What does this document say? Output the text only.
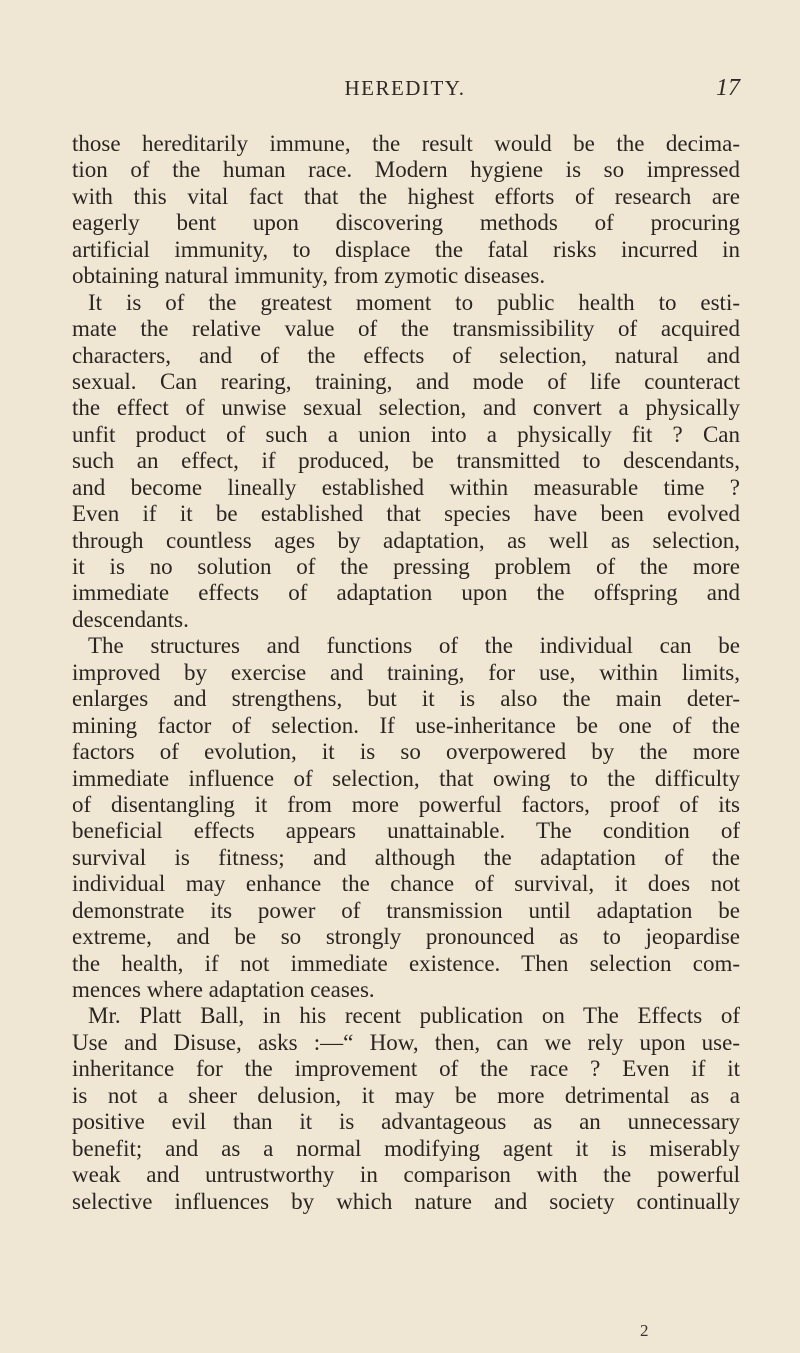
HEREDITY.	17
those hereditarily immune, the result would be the decima-
tion of the human race. Modern hygiene is so impressed
with this vital fact that the highest efforts of research are
eagerly bent upon discovering methods of procuring
artificial immunity, to displace the fatal risks incurred in
obtaining natural immunity, from zymotic diseases.
It is of the greatest moment to public health to esti-
mate the relative value of the transmissibility of acquired
characters, and of the effects of selection, natural and
sexual. Can rearing, training, and mode of life counteract
the effect of unwise sexual selection, and convert a physically
unfit product of such a union into a physically fit ? Can
such an effect, if produced, be transmitted to descendants,
and become lineally established within measurable time ?
Even if it be established that species have been evolved
through countless ages by adaptation, as well as selection,
it is no solution of the pressing problem of the more
immediate effects of adaptation upon the offspring and
descendants.
The structures and functions of the individual can be
improved by exercise and training, for use, within limits,
enlarges and strengthens, but it is also the main deter-
mining factor of selection. If use-inheritance be one of the
factors of evolution, it is so overpowered by the more
immediate influence of selection, that owing to the difficulty
of disentangling it from more powerful factors, proof of its
beneficial effects appears unattainable. The condition of
survival is fitness; and although the adaptation of the
individual may enhance the chance of survival, it does not
demonstrate its power of transmission until adaptation be
extreme, and be so strongly pronounced as to jeopardise
the health, if not immediate existence. Then selection com-
mences where adaptation ceases.
Mr. Platt Ball, in his recent publication on The Effects of
Use and Disuse, asks :—“ How, then, can we rely upon use-
inheritance for the improvement of the race ? Even if it
is not a sheer delusion, it may be more detrimental as a
positive evil than it is advantageous as an unnecessary
benefit; and as a normal modifying agent it is miserably
weak and untrustworthy in comparison with the powerful
selective influences by which nature and society continually
2
